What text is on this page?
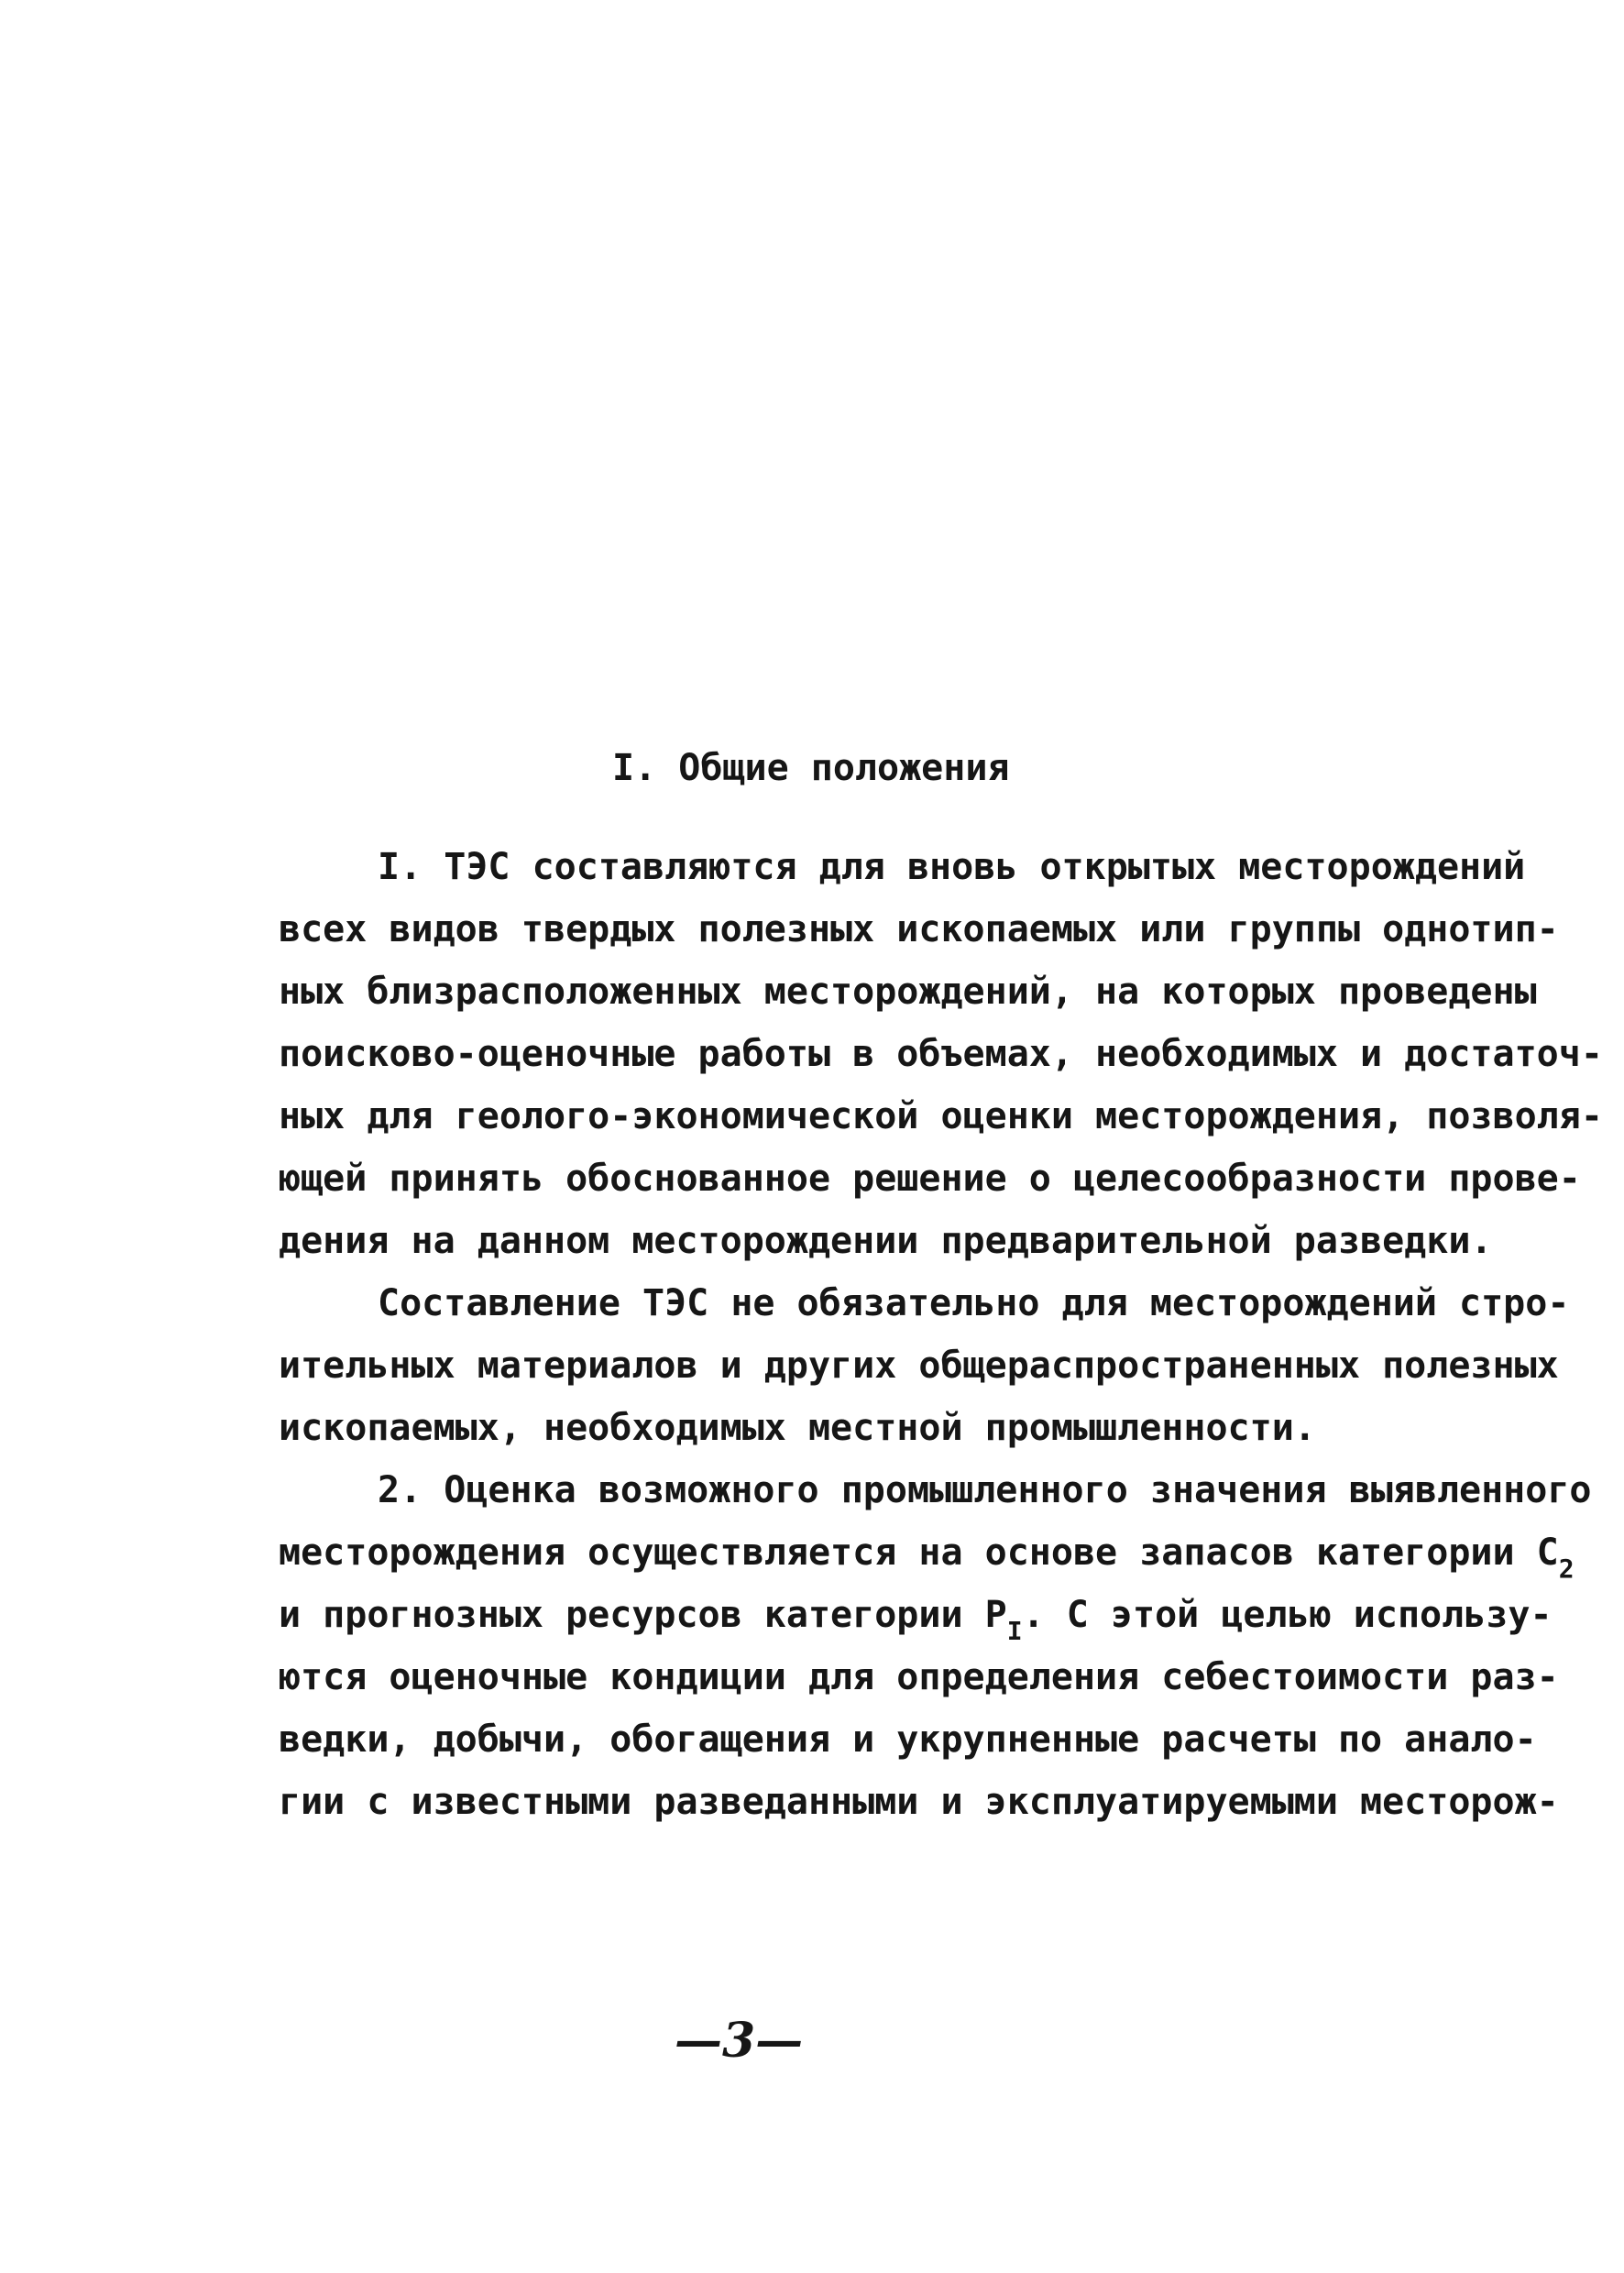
I. Общие положения
I. ТЭС составляются для вновь открытых месторождений
всех видов твердых полезных ископаемых или группы однотип-
ных близрасположенных месторождений, на которых проведены
поисково-оценочные работы в объемах, необходимых и достаточ-
ных для геолого-экономической оценки месторождения, позволя-
ющей принять обоснованное решение о целесообразности прове-
дения на данном месторождении предварительной разведки.
Составление ТЭС не обязательно для месторождений стро-
ительных материалов и других общераспространенных полезных
ископаемых, необходимых местной промышленности.
2. Оценка возможного промышленного значения выявленного
месторождения осуществляется на основе запасов категории $C_2$
и прогнозных ресурсов категории $P_I$. С этой целью использу-
ются оценочные кондиции для определения себестоимости раз-
ведки, добычи, обогащения и укрупненные расчеты по анало-
гии с известными разведанными и эксплуатируемыми месторож-
—3—
